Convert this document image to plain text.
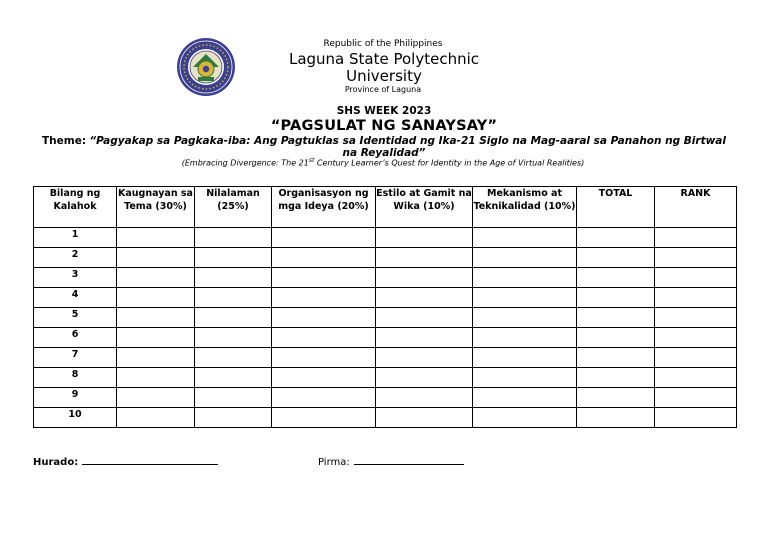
Republic of the Philippines
Laguna State Polytechnic
University
Province of Laguna
SHS WEEK 2023
“PAGSULAT NG SANAYSAY”
Theme: “Pagyakap sa Pagkaka-iba: Ang Pagtuklas sa Identidad ng Ika-21 Siglo na Mag-aaral sa Panahon ng Birtwal na Reyalidad”
(Embracing Divergence: The 21st Century Learner’s Quest for Identity in the Age of Virtual Realities)
Bilang ng Kalahok	Kaugnayan sa Tema (30%)	Nilalaman (25%)	Organisasyon ng mga Ideya (20%)	Estilo at Gamit na Wika (10%)	Mekanismo at Teknikalidad (10%)	TOTAL	RANK
1							
2							
3							
4							
5							
6							
7							
8							
9							
10							
Hurado:	Pirma:
